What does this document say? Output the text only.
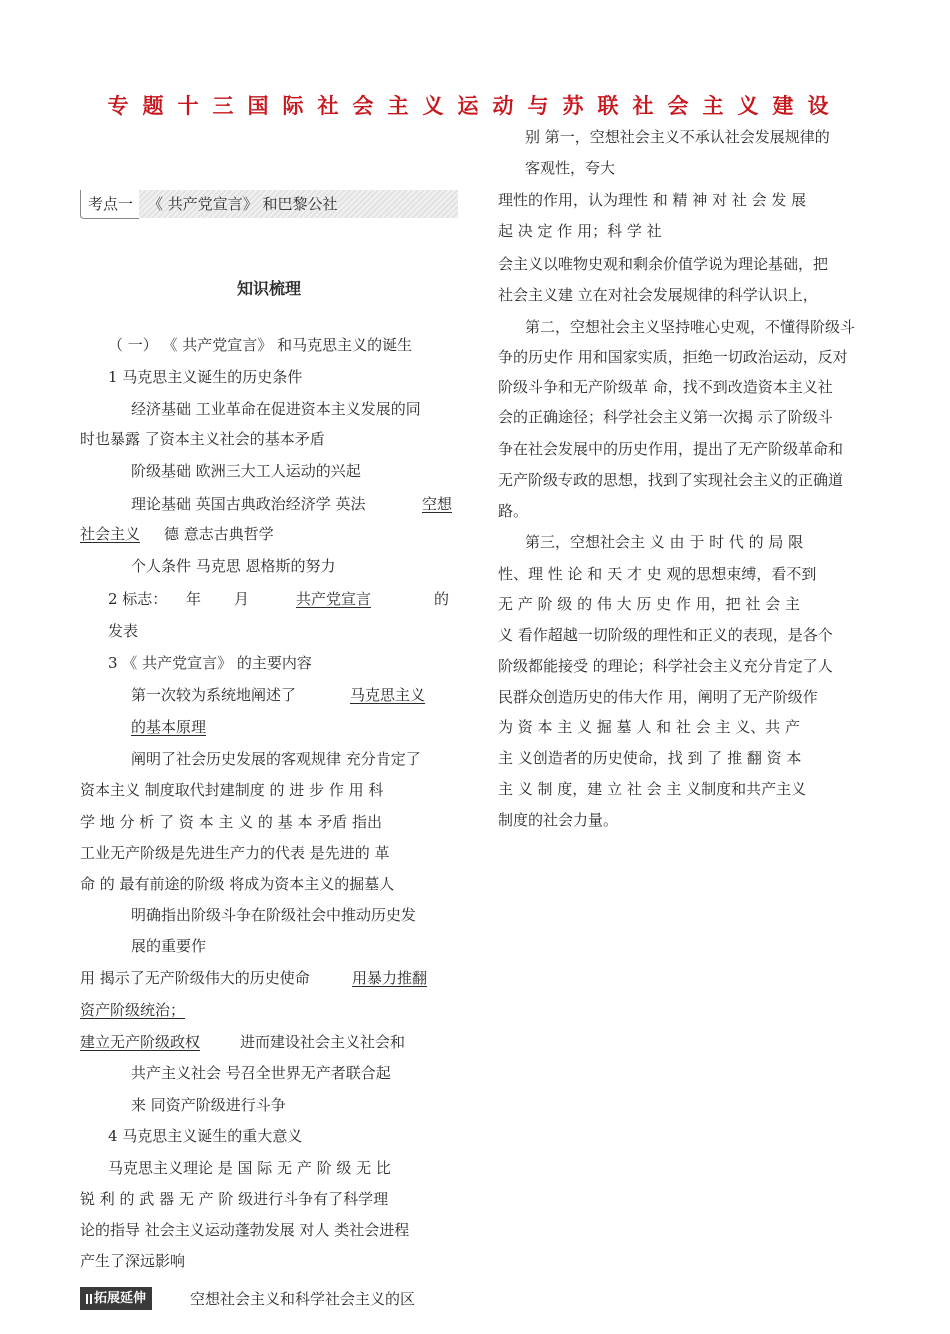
专题十三国际社会主义运动与苏联社会主义建设
考点一 《 共产党宣言》 和巴黎公社
知识梳理
（ 一） 《 共产党宣言》 和马克思主义的诞生
1 马克思主义诞生的历史条件
经济基础 工业革命在促进资本主义发展的同
时也暴露 了资本主义社会的基本矛盾
阶级基础 欧洲三大工人运动的兴起
理论基础 英国古典政治经济学 英法	空想
社会主义 德 意志古典哲学
个人条件 马克思 恩格斯的努力
2 标志： 年 月	共产党宣言	的
发表
3 《 共产党宣言》 的主要内容
第一次较为系统地阐述了	马克思主义
的基本原理
阐明了社会历史发展的客观规律 充分肯定了
资本主义 制度取代封建制度 的 进 步 作 用 科
学 地 分 析 了 资 本 主 义 的 基 本 矛盾 指出
工业无产阶级是先进生产力的代表 是先进的 革
命 的 最有前途的阶级 将成为资本主义的掘墓人
明确指出阶级斗争在阶级社会中推动历史发
展的重要作
用 揭示了无产阶级伟大的历史使命	用暴力推翻
资产阶级统治；
建立无产阶级政权	进而建设社会主义社会和
共产主义社会 号召全世界无产者联合起
来 同资产阶级进行斗争
4 马克思主义诞生的重大意义
马克思主义理论 是 国 际 无 产 阶 级 无 比
锐 利 的 武 器 无 产 阶 级进行斗争有了科学理
论的指导 社会主义运动蓬勃发展 对人 类社会进程
产生了深远影响
拓展延伸	空想社会主义和科学社会主义的区
别 第一，空想社会主义不承认社会发展规律的
客观性，夸大
理性的作用，认为理性 和 精 神 对 社 会 发 展
起 决 定 作 用；科 学 社
会主义以唯物史观和剩余价值学说为理论基础，把
社会主义建 立在对社会发展规律的科学认识上，
第二，空想社会主义坚持唯心史观，不懂得阶级斗
争的历史作 用和国家实质，拒绝一切政治运动，反对
阶级斗争和无产阶级革 命，找不到改造资本主义社
会的正确途径；科学社会主义第一次揭 示了阶级斗
争在社会发展中的历史作用，提出了无产阶级革命和
无产阶级专政的思想，找到了实现社会主义的正确道
路。
第三，空想社会主 义 由 于 时 代 的 局 限
性、理 性 论 和 天 才 史 观的思想束缚，看不到
无 产 阶 级 的 伟 大 历 史 作 用，把 社 会 主
义 看作超越一切阶级的理性和正义的表现，是各个
阶级都能接受 的理论；科学社会主义充分肯定了人
民群众创造历史的伟大作 用，阐明了无产阶级作
为 资 本 主 义 掘 墓 人 和 社 会 主 义、共 产
主 义创造者的历史使命，找 到 了 推 翻 资 本
主 义 制 度，建 立 社 会 主 义制度和共产主义
制度的社会力量。
